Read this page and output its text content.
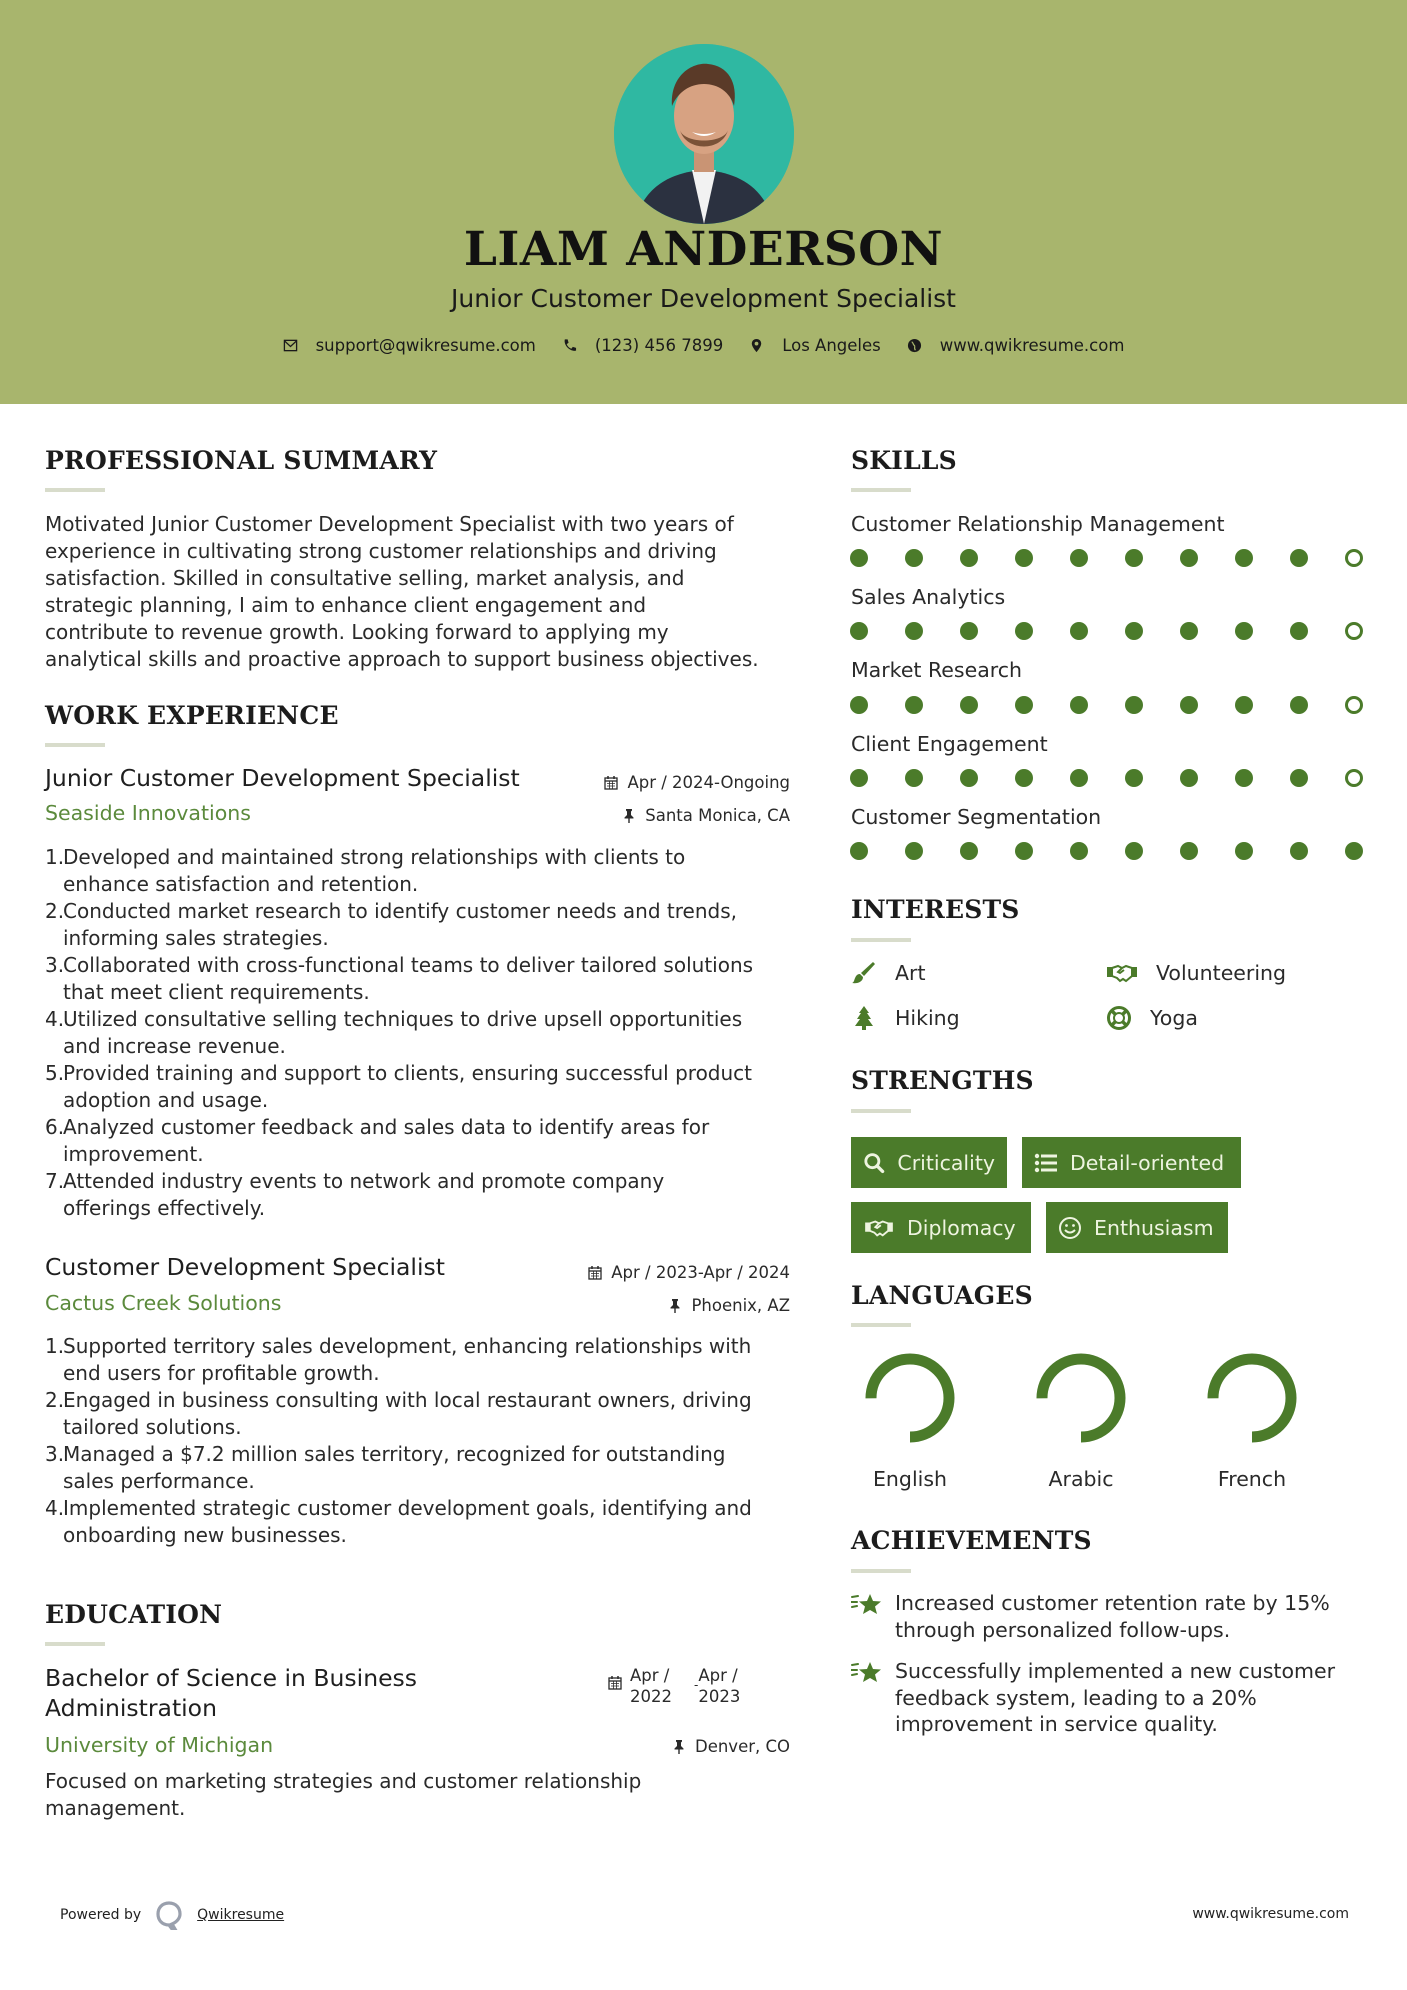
LIAM ANDERSON
Junior Customer Development Specialist
support@qwikresume.com	(123) 456 7899	Los Angeles	www.qwikresume.com
PROFESSIONAL SUMMARY
Motivated Junior Customer Development Specialist with two years of
experience in cultivating strong customer relationships and driving
satisfaction. Skilled in consultative selling, market analysis, and
strategic planning, I aim to enhance client engagement and
contribute to revenue growth. Looking forward to applying my
analytical skills and proactive approach to support business objectives.
WORK EXPERIENCE
Junior Customer Development Specialist	Apr / 2024-Ongoing
Seaside Innovations	Santa Monica, CA
1.
Developed and maintained strong relationships with clients to
enhance satisfaction and retention.
2.
Conducted market research to identify customer needs and trends,
informing sales strategies.
3.
Collaborated with cross-functional teams to deliver tailored solutions
that meet client requirements.
4.
Utilized consultative selling techniques to drive upsell opportunities
and increase revenue.
5.
Provided training and support to clients, ensuring successful product
adoption and usage.
6.
Analyzed customer feedback and sales data to identify areas for
improvement.
7.
Attended industry events to network and promote company
offerings effectively.
Customer Development Specialist	Apr / 2023-Apr / 2024
Cactus Creek Solutions	Phoenix, AZ
1.
Supported territory sales development, enhancing relationships with
end users for profitable growth.
2.
Engaged in business consulting with local restaurant owners, driving
tailored solutions.
3.
Managed a $7.2 million sales territory, recognized for outstanding
sales performance.
4.
Implemented strategic customer development goals, identifying and
onboarding new businesses.
EDUCATION
Bachelor of Science in Business
Administration
Apr /
2022
- Apr /
2023
University of Michigan	Denver, CO
Focused on marketing strategies and customer relationship
management.
SKILLS
Customer Relationship Management
Sales Analytics
Market Research
Client Engagement
Customer Segmentation
INTERESTS
Art	Volunteering
Hiking	Yoga
STRENGTHS
Criticality	Detail-oriented
Diplomacy	Enthusiasm
LANGUAGES
English	Arabic	French
ACHIEVEMENTS
Increased customer retention rate by 15%
through personalized follow-ups.
Successfully implemented a new customer
feedback system, leading to a 20%
improvement in service quality.
Powered by	Qwikresume	www.qwikresume.com
